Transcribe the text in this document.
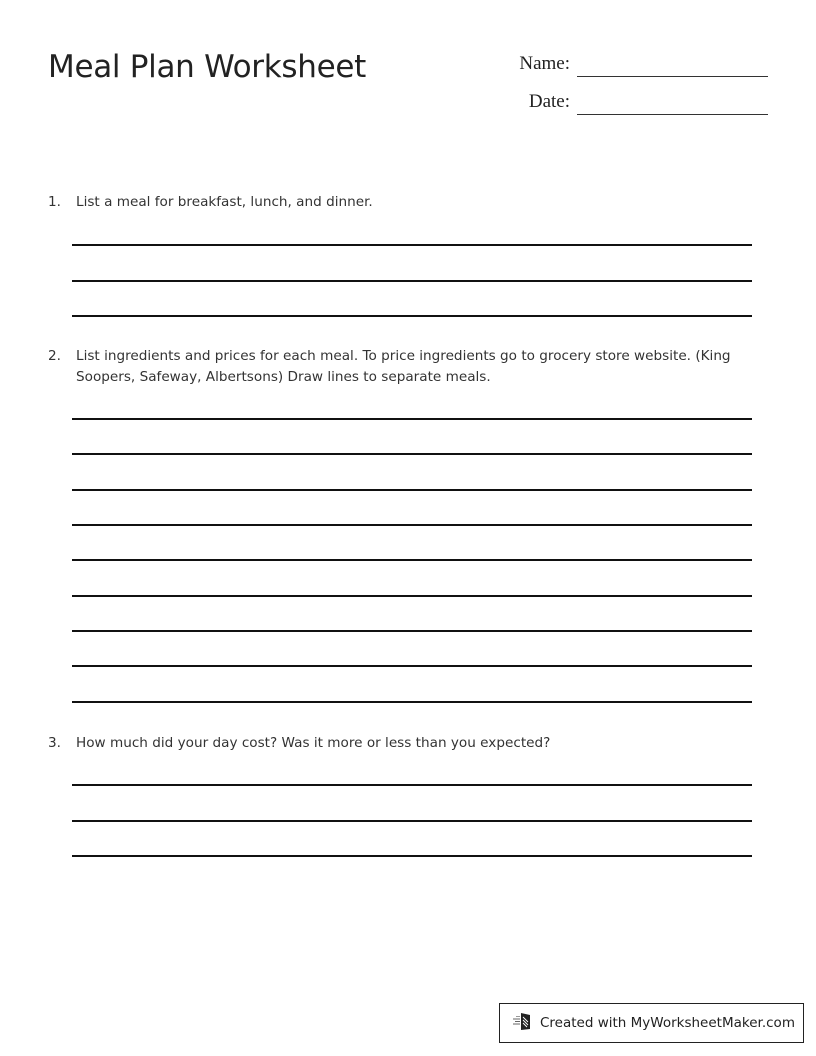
Meal Plan Worksheet	Name:
Date:
1. List a meal for breakfast, lunch, and dinner.
2. List ingredients and prices for each meal. To price ingredients go to grocery store website. (King Soopers, Safeway, Albertsons) Draw lines to separate meals.
3. How much did your day cost? Was it more or less than you expected?
Created with MyWorksheetMaker.com
